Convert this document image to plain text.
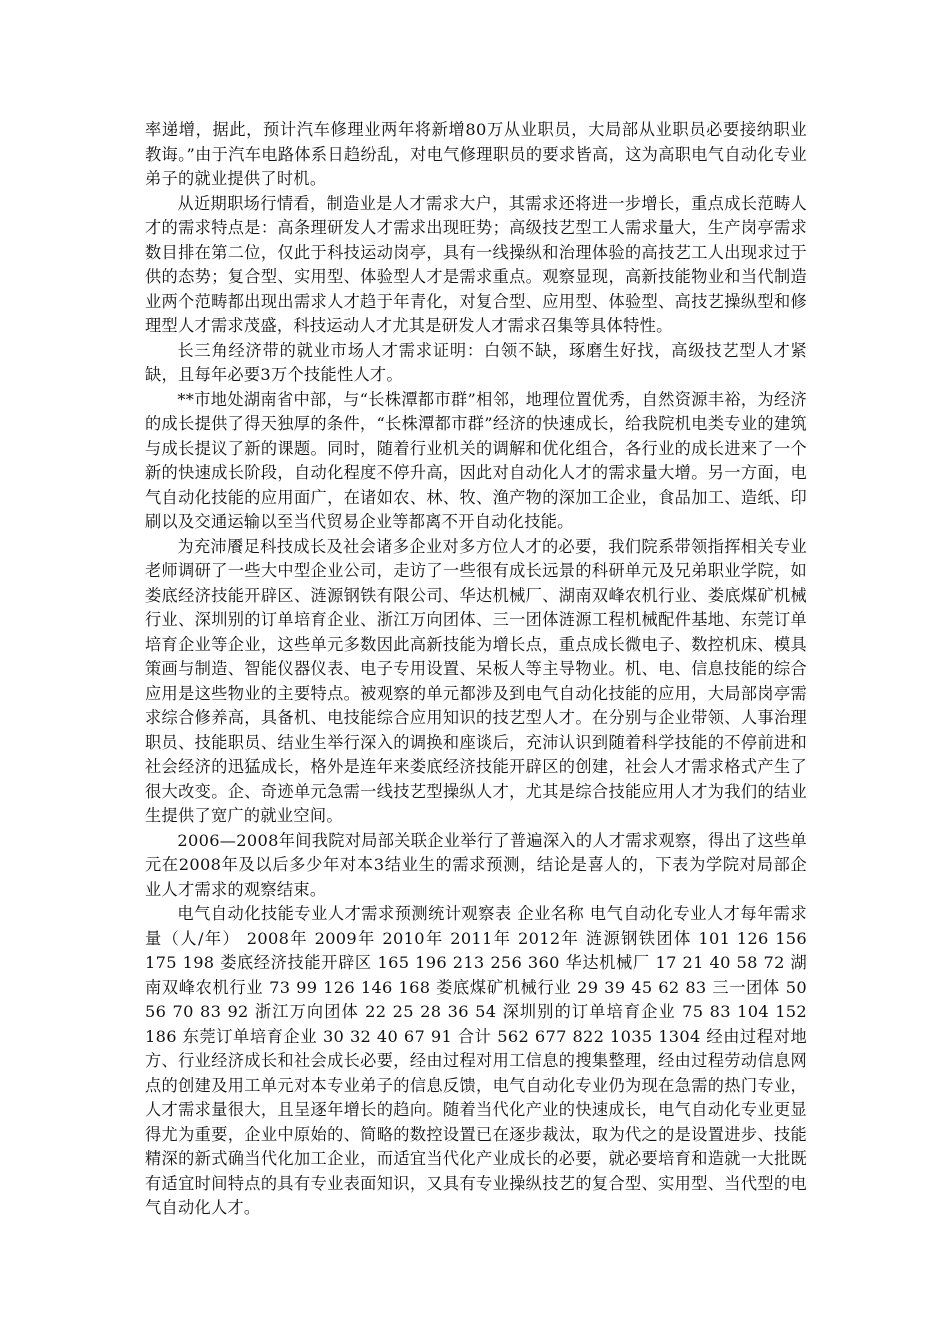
率递增，据此，预计汽车修理业两年将新增80万从业职员，大局部从业职员必要接纳职业教诲。”由于汽车电路体系日趋纷乱，对电气修理职员的要求皆高，这为高职电气自动化专业弟子的就业提供了时机。

从近期职场行情看，制造业是人才需求大户，其需求还将进一步增长，重点成长范畴人才的需求特点是：高条理研发人才需求出现旺势；高级技艺型工人需求量大，生产岗亭需求数目排在第二位，仅此于科技运动岗亭，具有一线操纵和治理体验的高技艺工人出现求过于供的态势；复合型、实用型、体验型人才是需求重点。观察显现，高新技能物业和当代制造业两个范畴都出现出需求人才趋于年青化，对复合型、应用型、体验型、高技艺操纵型和修理型人才需求茂盛，科技运动人才尤其是研发人才需求召集等具体特性。

长三角经济带的就业市场人才需求证明：白领不缺，琢磨生好找，高级技艺型人才紧缺，且每年必要3万个技能性人才。

**市地处湖南省中部，与“长株潭都市群”相邻，地理位置优秀，自然资源丰裕，为经济的成长提供了得天独厚的条件，“长株潭都市群”经济的快速成长，给我院机电类专业的建筑与成长提议了新的课题。同时，随着行业机关的调解和优化组合，各行业的成长进来了一个新的快速成长阶段，自动化程度不停升高，因此对自动化人才的需求量大增。另一方面，电气自动化技能的应用面广，在诸如农、林、牧、渔产物的深加工企业，食品加工、造纸、印刷以及交通运输以至当代贸易企业等都离不开自动化技能。

为充沛餍足科技成长及社会诸多企业对多方位人才的必要，我们院系带领指挥相关专业老师调研了一些大中型企业公司，走访了一些很有成长远景的科研单元及兄弟职业学院，如娄底经济技能开辟区、涟源钢铁有限公司、华达机械厂、湖南双峰农机行业、娄底煤矿机械行业、深圳别的订单培育企业、浙江万向团体、三一团体涟源工程机械配件基地、东莞订单培育企业等企业，这些单元多数因此高新技能为增长点，重点成长微电子、数控机床、模具策画与制造、智能仪器仪表、电子专用设置、呆板人等主导物业。机、电、信息技能的综合应用是这些物业的主要特点。被观察的单元都涉及到电气自动化技能的应用，大局部岗亭需求综合修养高，具备机、电技能综合应用知识的技艺型人才。在分别与企业带领、人事治理职员、技能职员、结业生举行深入的调换和座谈后，充沛认识到随着科学技能的不停前进和社会经济的迅猛成长，格外是连年来娄底经济技能开辟区的创建，社会人才需求格式产生了很大改变。企、奇迹单元急需一线技艺型操纵人才，尤其是综合技能应用人才为我们的结业生提供了宽广的就业空间。

2006—2008年间我院对局部关联企业举行了普遍深入的人才需求观察，得出了这些单元在2008年及以后多少年对本3结业生的需求预测，结论是喜人的，下表为学院对局部企业人才需求的观察结束。

电气自动化技能专业人才需求预测统计观察表 企业名称 电气自动化专业人才每年需求量（人/年） 2008年 2009年 2010年 2011年 2012年 涟源钢铁团体 101 126 156 175 198 娄底经济技能开辟区 165 196 213 256 360 华达机械厂 17 21 40 58 72 湖南双峰农机行业 73 99 126 146 168 娄底煤矿机械行业 29 39 45 62 83 三一团体 50 56 70 83 92 浙江万向团体 22 25 28 36 54 深圳别的订单培育企业 75 83 104 152 186 东莞订单培育企业 30 32 40 67 91 合计 562 677 822 1035 1304 经由过程对地方、行业经济成长和社会成长必要，经由过程对用工信息的搜集整理，经由过程劳动信息网点的创建及用工单元对本专业弟子的信息反馈，电气自动化专业仍为现在急需的热门专业，人才需求量很大，且呈逐年增长的趋向。随着当代化产业的快速成长，电气自动化专业更显得尤为重要，企业中原始的、简略的数控设置已在逐步裁汰，取为代之的是设置进步、技能精深的新式确当代化加工企业，而适宜当代化产业成长的必要，就必要培育和造就一大批既有适宜时间特点的具有专业表面知识，又具有专业操纵技艺的复合型、实用型、当代型的电气自动化人才。
